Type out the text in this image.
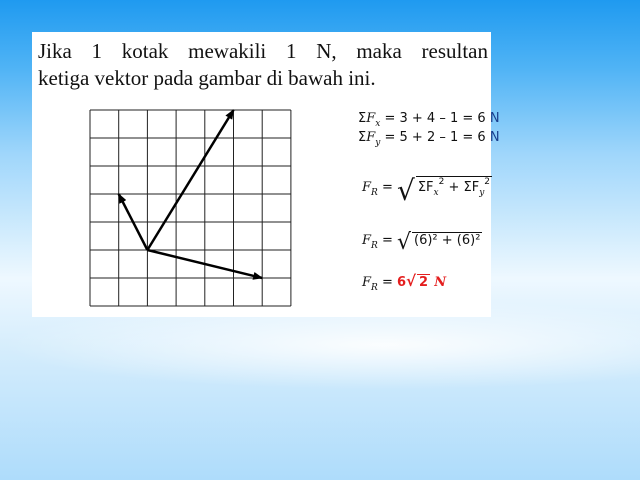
Jika 1 kotak mewakili 1 N, maka resultan
ketiga vektor pada gambar di bawah ini.

$\Sigma F_x = 3 + 4 - 1 = 6$ N
$\Sigma F_y = 5 + 2 - 1 = 6$ N
$F_R$ = √ $\Sigma F_x^2 + \Sigma F_y^2$
$F_R$ = √ (6)² + (6)²
$F_R = 6√$ 2 N
